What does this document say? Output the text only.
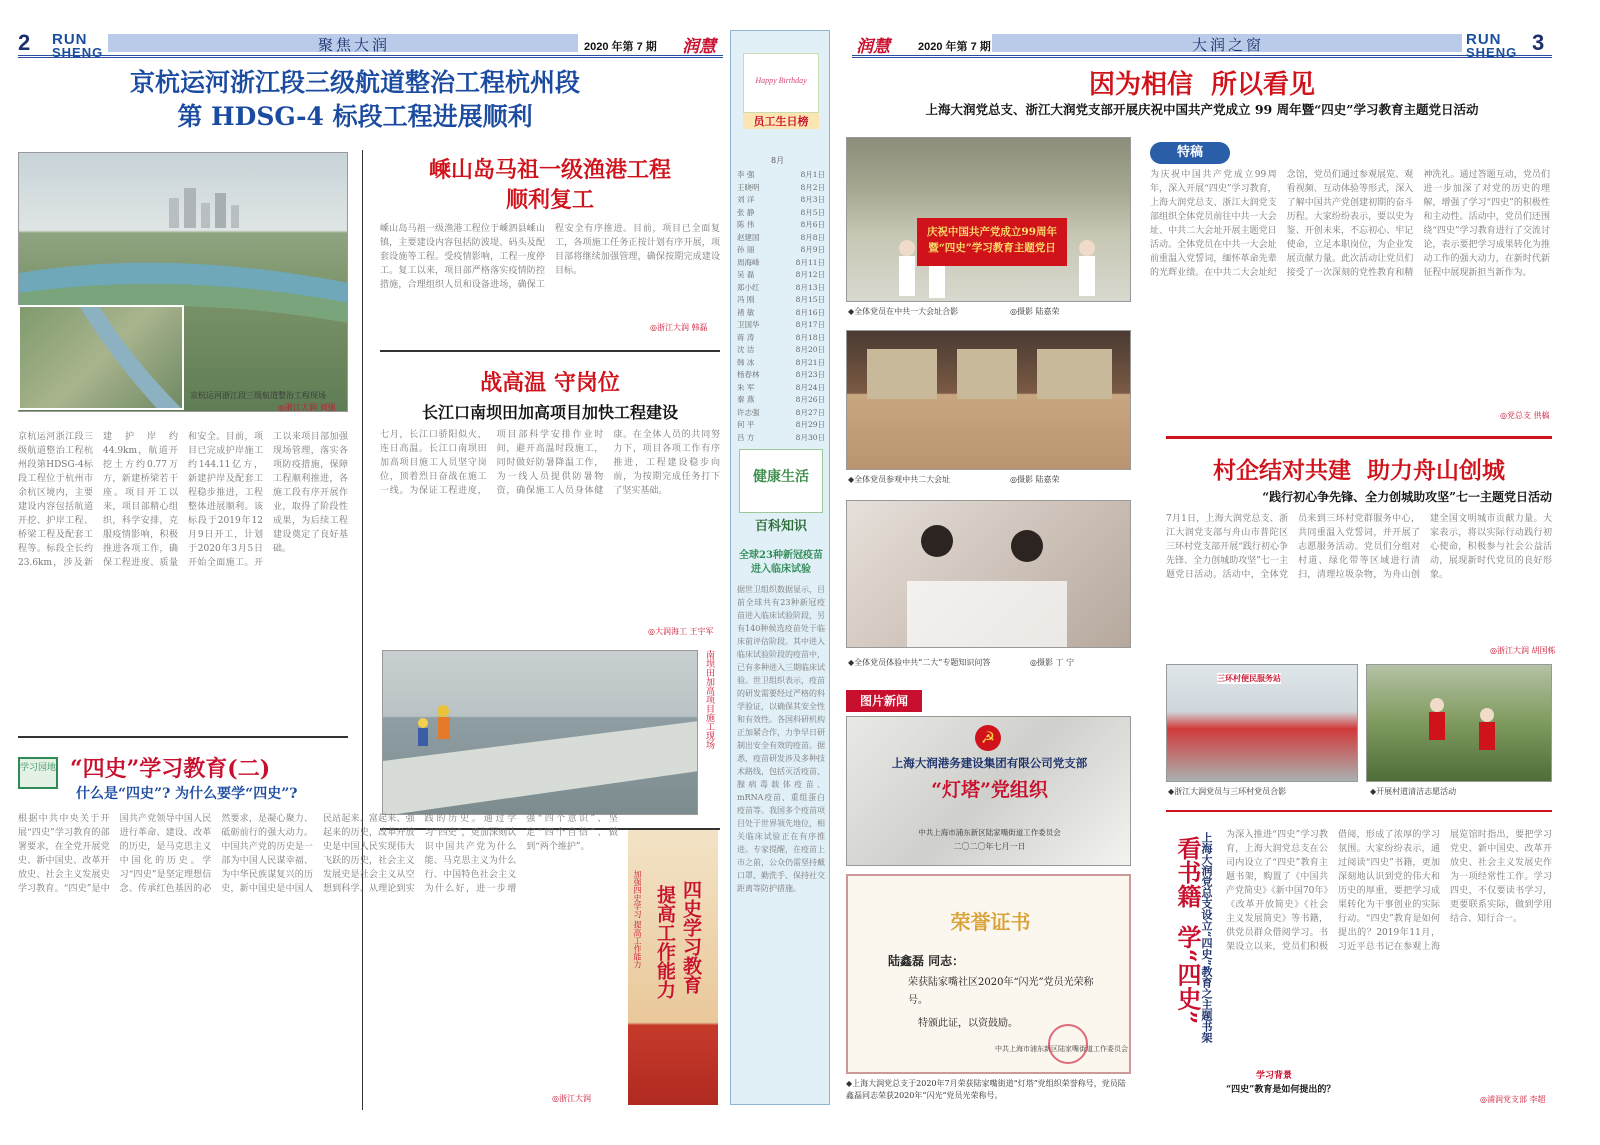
2 RUN
SHENG	聚焦大润	2020 年第 7 期 润慧
京杭运河浙江段三级航道整治工程杭州段
第 HDSG-4 标段工程进展顺利
京杭运河浙江段三级航道整治工程现场
◎浙江大润 刘强
京杭运河浙江段三级航道整治工程杭州段第HDSG-4标段工程位于杭州市余杭区境内，主要建设内容包括航道开挖、护岸工程、桥梁工程及配套工程等。标段全长约23.6km，涉及新建护岸约44.9km，航道开挖土方约0.77万方，新建桥梁若干座。项目开工以来，项目部精心组织，科学安排，克服疫情影响，积极推进各项工作，确保工程进度、质量和安全。目前，项目已完成护岸施工约144.11亿方，新建护岸及配套工程稳步推进，工程整体进展顺利。该标段于2019年12月9日开工，计划于2020年3月5日开始全面施工。开工以来项目部加强现场管理，落实各项防疫措施，保障工程顺利推进，各施工段有序开展作业，取得了阶段性成果，为后续工程建设奠定了良好基础。
嵊山岛马祖一级渔港工程
顺利复工
嵊山岛马祖一级渔港工程位于嵊泗县嵊山镇，主要建设内容包括防波堤、码头及配套设施等工程。受疫情影响，工程一度停工。复工以来，项目部严格落实疫情防控措施，合理组织人员和设备进场，确保工程安全有序推进。目前，项目已全面复工，各项施工任务正按计划有序开展，项目部将继续加强管理，确保按期完成建设目标。
◎浙江大润 韩磊
战高温 守岗位
长江口南坝田加高项目加快工程建设
七月，长江口骄阳似火，连日高温。长江口南坝田加高项目施工人员坚守岗位，顶着烈日奋战在施工一线。为保证工程进度，项目部科学安排作业时间，避开高温时段施工，同时做好防暑降温工作，为一线人员提供防暑物资，确保施工人员身体健康。在全体人员的共同努力下，项目各项工作有序推进，工程建设稳步向前，为按期完成任务打下了坚实基础。
◎大润海工 王宇军
南坝田加高项目施工现场
学习园地 “四史”学习教育(二)
什么是“四史”? 为什么要学“四史”?
根据中共中央关于开展“四史”学习教育的部署要求，在全党开展党史、新中国史、改革开放史、社会主义发展史学习教育。“四史”是中国共产党领导中国人民进行革命、建设、改革的历史，是马克思主义中国化的历史。学习“四史”是坚定理想信念、传承红色基因的必然要求，是凝心聚力、砥砺前行的强大动力。中国共产党的历史是一部为中国人民谋幸福、为中华民族谋复兴的历史，新中国史是中国人民站起来、富起来、强起来的历史，改革开放史是中国人民实现伟大飞跃的历史，社会主义发展史是社会主义从空想到科学、从理论到实践的历史。通过学习“四史”，更加深刻认识中国共产党为什么能、马克思主义为什么行、中国特色社会主义为什么好，进一步增强“四个意识”、坚定“四个自信”、做到“两个维护”。
◎浙江大润
加强四史学习 提高工作能力 四史学习教育
提高工作能力
Happy Birthday
员工生日榜
8月
李 强	8月1日
王晓明	8月2日
刘 洋	8月3日
张 静	8月5日
陈 伟	8月6日
赵建国	8月8日
孙 丽	8月9日
周海峰	8月11日
吴 磊	8月12日
郑小红	8月13日
冯 刚	8月15日
褚 敏	8月16日
卫国华	8月17日
蒋 涛	8月18日
沈 洁	8月20日
韩 冰	8月21日
杨春林	8月23日
朱 军	8月24日
秦 燕	8月26日
许志强	8月27日
何 平	8月29日
吕 方	8月30日
健康生活
百科知识
全球23种新冠疫苗进入临床试验
据世卫组织数据显示，目前全球共有23种新冠疫苗进入临床试验阶段，另有140种候选疫苗处于临床前评估阶段。其中进入临床试验阶段的疫苗中，已有多种进入三期临床试验。世卫组织表示，疫苗的研发需要经过严格的科学验证，以确保其安全性和有效性。各国科研机构正加紧合作，力争早日研制出安全有效的疫苗。据悉，疫苗研发涉及多种技术路线，包括灭活疫苗、腺病毒载体疫苗、mRNA疫苗、重组蛋白疫苗等。我国多个疫苗项目处于世界领先地位，相关临床试验正在有序推进。专家提醒，在疫苗上市之前，公众仍需坚持戴口罩、勤洗手、保持社交距离等防护措施。
润慧	2020 年第 7 期	大润之窗	RUN
SHENG 3
因为相信  所以看见
上海大润党总支、浙江大润党支部开展庆祝中国共产党成立 99 周年暨“四史”学习教育主题党日活动
庆祝中国共产党成立99周年
暨“四史”学习教育主题党日
◆全体党员在中共一大会址合影	◎摄影 陆嘉荣
◆全体党员参观中共二大会址	◎摄影 陆嘉荣
◆全体党员体验中共“二大”专题知识问答	◎摄影 丁 宁
特稿
为庆祝中国共产党成立99周年，深入开展“四史”学习教育，上海大润党总支、浙江大润党支部组织全体党员前往中共一大会址、中共二大会址开展主题党日活动。全体党员在中共一大会址前重温入党誓词，缅怀革命先辈的光辉业绩。在中共二大会址纪念馆，党员们通过参观展览、观看视频、互动体验等形式，深入了解中国共产党创建初期的奋斗历程。大家纷纷表示，要以史为鉴、开创未来，不忘初心、牢记使命，立足本职岗位，为企业发展贡献力量。此次活动让党员们接受了一次深刻的党性教育和精神洗礼。通过答题互动，党员们进一步加深了对党的历史的理解，增强了学习“四史”的积极性和主动性。活动中，党员们还围绕“四史”学习教育进行了交流讨论，表示要把学习成果转化为推动工作的强大动力，在新时代新征程中展现新担当新作为。
◎党总支 供稿
村企结对共建  助力舟山创城
“践行初心争先锋、全力创城助攻坚”七一主题党日活动
7月1日，上海大润党总支、浙江大润党支部与舟山市普陀区三环村党支部开展“践行初心争先锋、全力创城助攻坚”七一主题党日活动。活动中，全体党员来到三环村党群服务中心，共同重温入党誓词，并开展了志愿服务活动。党员们分组对村道、绿化带等区域进行清扫，清理垃圾杂物，为舟山创建全国文明城市贡献力量。大家表示，将以实际行动践行初心使命，积极参与社会公益活动，展现新时代党员的良好形象。
◎浙江大润 胡国栋
三环村便民服务站
◆浙江大润党员与三环村党员合影	◆开展村道清洁志愿活动
看书籍  学“四史”
上海大润党总支设立“四史”教育之主题书架 为深入推进“四史”学习教育，上海大润党总支在公司内设立了“四史”教育主题书架，购置了《中国共产党简史》《新中国70年》《改革开放简史》《社会主义发展简史》等书籍，供党员群众借阅学习。书架设立以来，党员们积极借阅，形成了浓厚的学习氛围。大家纷纷表示，通过阅读“四史”书籍，更加深刻地认识到党的伟大和历史的厚重，要把学习成果转化为干事创业的实际行动。“四史”教育是如何提出的？2019年11月，习近平总书记在参观上海展览馆时指出，要把学习党史、新中国史、改革开放史、社会主义发展史作为一项经常性工作。学习四史，不仅要读书学习，更要联系实际，做到学用结合、知行合一。
学习背景
“四史”教育是如何提出的？
◎浦润党支部 李超
图片新闻
☭
上海大润港务建设集团有限公司党支部
“灯塔”党组织
中共上海市浦东新区陆家嘴街道工作委员会
二〇二〇年七月一日
荣誉证书
陆鑫磊 同志：
荣获陆家嘴社区2020年“闪光”党员光荣称号。
特颁此证，以资鼓励。
中共上海市浦东新区陆家嘴街道工作委员会
◆上海大润党总支于2020年7月荣获陆家嘴街道“灯塔”党组织荣誉称号，党员陆鑫磊同志荣获2020年“闪光”党员光荣称号。
